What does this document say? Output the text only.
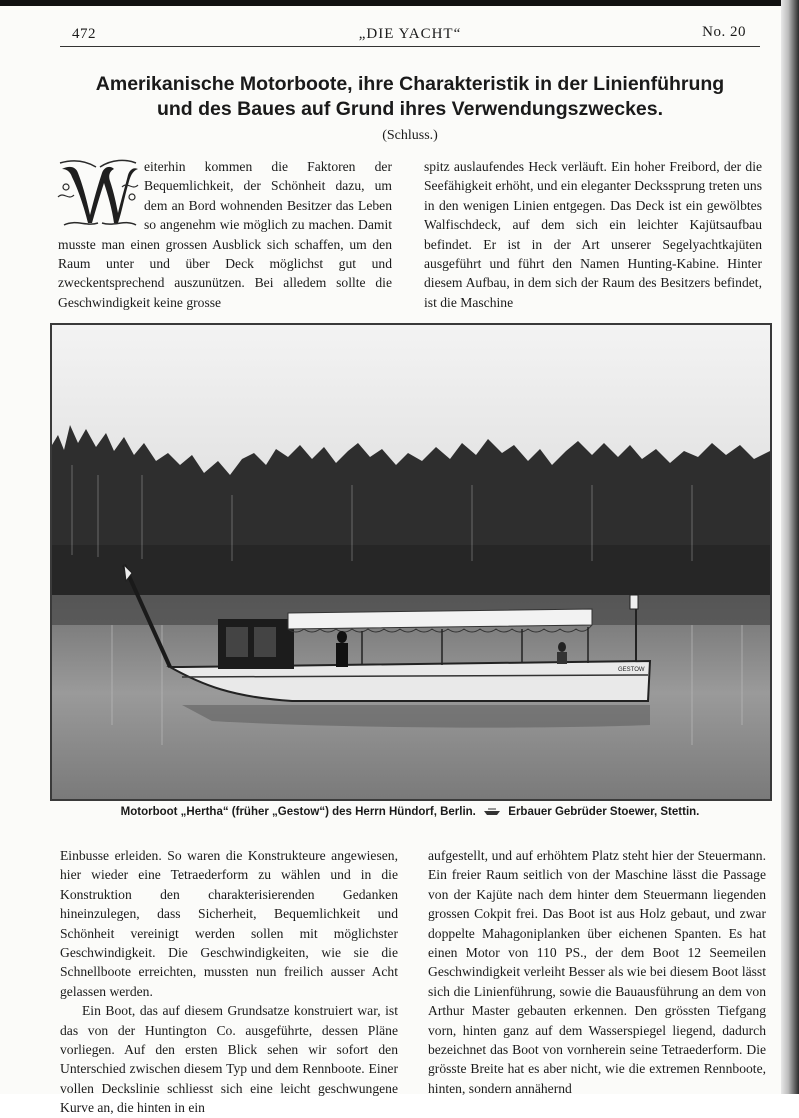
472	„DIE YACHT“	No. 20
Amerikanische Motorboote, ihre Charakteristik in der Linienführung
und des Baues auf Grund ihres Verwendungszweckes.
(Schluss.)

eiterhin kommen die Faktoren der Bequemlichkeit, der Schönheit dazu, um dem an Bord wohnenden Besitzer das Leben so angenehm wie möglich zu machen. Damit musste man einen grossen Ausblick sich schaffen, um den Raum unter und über Deck möglichst gut und zweckentsprechend auszunützen. Bei alledem sollte die Geschwindigkeit keine grosse

spitz auslaufendes Heck verläuft. Ein hoher Freibord, der die Seefähigkeit erhöht, und ein eleganter Deckssprung treten uns in den wenigen Linien entgegen. Das Deck ist ein gewölbtes Walfischdeck, auf dem sich ein leichter Kajütsaufbau befindet. Er ist in der Art unserer Segelyachtkajüten ausgeführt und führt den Namen Hunting-Kabine. Hinter diesem Aufbau, in dem sich der Raum des Besitzers befindet, ist die Maschine

GESTOW
Motorboot „Hertha“ (früher „Gestow“) des Herrn Hündorf, Berlin.	Erbauer Gebrüder Stoewer, Stettin.

Einbusse erleiden. So waren die Konstrukteure angewiesen, hier wieder eine Tetraederform zu wählen und in die Konstruktion den charakterisierenden Gedanken hineinzulegen, dass Sicherheit, Bequemlichkeit und Schönheit vereinigt werden sollen mit möglichster Geschwindigkeit. Die Geschwindigkeiten, wie sie die Schnellboote erreichten, mussten nun freilich ausser Acht gelassen werden.

Ein Boot, das auf diesem Grundsatze konstruiert war, ist das von der Huntington Co. ausgeführte, dessen Pläne vorliegen. Auf den ersten Blick sehen wir sofort den Unterschied zwischen diesem Typ und dem Rennboote. Einer vollen Deckslinie schliesst sich eine leicht geschwungene Kurve an, die hinten in ein

aufgestellt, und auf erhöhtem Platz steht hier der Steuermann. Ein freier Raum seitlich von der Maschine lässt die Passage von der Kajüte nach dem hinter dem Steuermann liegenden grossen Cokpit frei. Das Boot ist aus Holz gebaut, und zwar doppelte Mahagoniplanken über eichenen Spanten. Es hat einen Motor von 110 PS., der dem Boot 12 Seemeilen Geschwindigkeit verleiht Besser als wie bei diesem Boot lässt sich die Linienführung, sowie die Bauausführung an dem von Arthur Master gebauten erkennen. Den grössten Tiefgang vorn, hinten ganz auf dem Wasserspiegel liegend, dadurch bezeichnet das Boot von vornherein seine Tetraederform. Die grösste Breite hat es aber nicht, wie die extremen Rennboote, hinten, sondern annähernd
